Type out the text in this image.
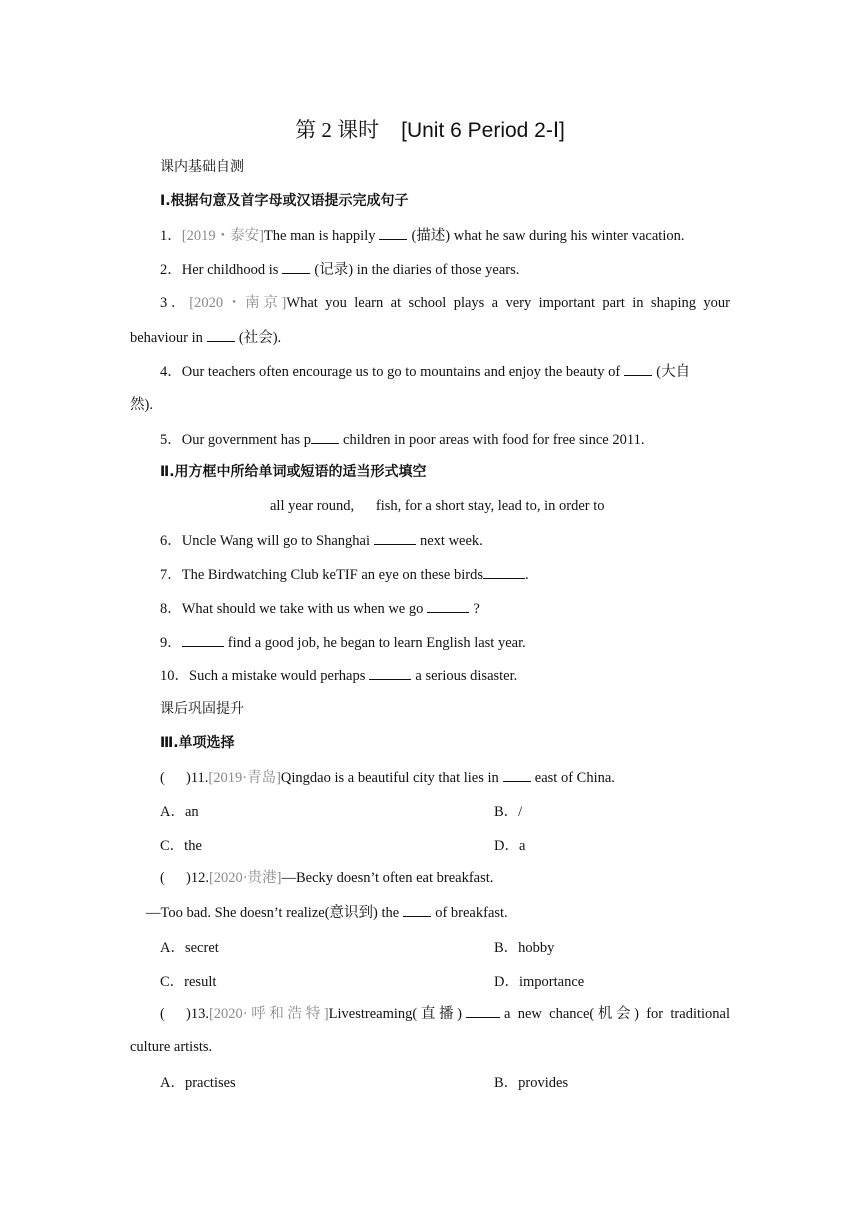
第 2 课时 [Unit 6 Period 2-Ⅰ]
课内基础自测
Ⅰ.根据句意及首字母或汉语提示完成句子
1．[2019・泰安]The man is happily (描述) what he saw during his winter vacation.
2．Her childhood is (记录) in the diaries of those years.
3．[2020・南京]What you learn at school plays a very important part in shaping your
behaviour in (社会).
4．Our teachers often encourage us to go to mountains and enjoy the beauty of (大自
然).
5．Our government has p children in poor areas with food for free since 2011.
Ⅱ.用方框中所给单词或短语的适当形式填空
all year round,      fish, for a short stay, lead to, in order to
6．Uncle Wang will go to Shanghai	next week.
7．The Birdwatching Club keTIF an eye on these birds	.
8．What should we take with us when we go	?
9．	find a good job, he began to learn English last year.
10．Such a mistake would perhaps	a serious disaster.
课后巩固提升
Ⅲ.单项选择
( )11.[2019·青岛]Qingdao is a beautiful city that lies in east of China.
A．an	B．/
C．the	D．a
( )12.[2020·贵港]—Becky doesn’t often eat breakfast.
—Too bad. She doesn’t realize(意识到) the of breakfast.
A．secret	B．hobby
C．result	D．importance
( )13.[2020·呼和浩特]Livestreaming(直播)	a new chance(机会) for traditional
culture artists.
A．practises	B．provides
